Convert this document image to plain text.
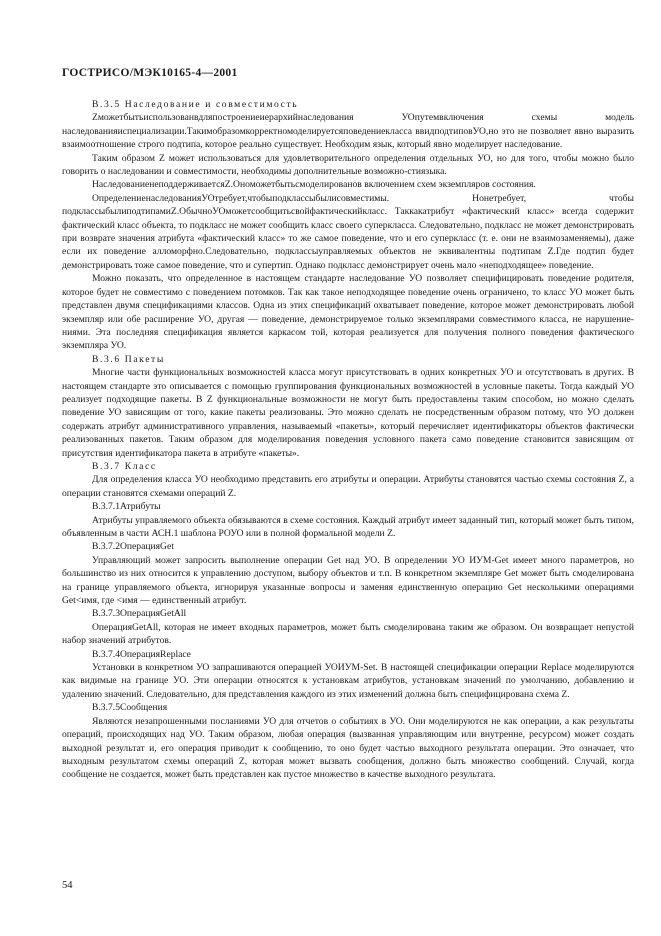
ГОСТРИСО/МЭК10165-4—2001

В.3.5 Наследование и совместимость

Zможетбытьиспользованвдляпостроениеиерархийнаследования УОпутемвключения схемы модель наследованияиспециализации.Такимобразомкорректномоделируетсяповедениекласса ввидподтиповУО,но это не позволяет явно выразить взаимоотношение строго подтипа, которое реально существует. Необходим язык, который явно моделирует наследование.

Таким образом Z может использоваться для удовлетворительного определения отдельных УО, но для того, чтобы можно было говорить о наследовании и совместимости, необходимы дополнительные возможно-стиязыка.

НаследованиенеподдерживаетсяZ.Ономожетбытьсмоделированов включением схем экземпляров состояния.

ОпределениенаследованияУОтребует,чтобыподклассыбылисовместимы. Нонетребует, чтобы подклассыбылиподтипамиZ.ОбычноУОможетсообщитьсвойфактическийкласс. Таккакатрибут «фактический класс» всегда содержит фактический класс объекта, то подкласс не может сообщить класс своего суперкласса. Следовательно, подкласс не может демонстрировать при возврате значения атрибута «фактический класс» то же самое поведение, что и его суперкласс (т. е. они не взаимозаменяемы), даже если их поведение алломорфно.Следовательно, подклассыуправляемых объектов не эквивалентны подтипам Z.Где подтип будет демонстрировать тоже самое поведение, что и супертип. Однако подкласс демонстрирует очень мало «неподходящее» поведение.

Можно показать, что определенное в настоящем стандарте наследование УО позволяет специфицировать поведение родителя, которое будет не совместимо с поведением потомков. Так как такое неподходящее поведение очень ограничено, то класс УО может быть представлен двумя спецификациями классов. Одна из этих спецификаций охватывает поведение, которое может демонстрировать любой экземпляр или обе расширение УО, другая — поведение, демонстрируемое только экземплярами совместимого класса, не нарушение-ниями. Эта последняя спецификация является каркасом той, которая реализуется для получения полного поведения фактического экземпляра УО.

В.3.6 Пакеты

Многие части функциональных возможностей класса могут присутствовать в одних конкретных УО и отсутствовать в других. В настоящем стандарте это описывается с помощью группирования функциональных возможностей в условные пакеты. Тогда каждый УО реализует подходящие пакеты. В Z функциональные возможности не могут быть предоставлены таким способом, но можно сделать поведение УО зависящим от того, какие пакеты реализованы. Это можно сделать не посредственным образом потому, что УО должен содержать атрибут административного управления, называемый «пакеты», который перечисляет идентификаторы объектов фактически реализованных пакетов. Таким образом для моделирования поведения условного пакета само поведение становится зависящим от присутствия идентификатора пакета в атрибуте «пакеты».

В.3.7 Класс

Для определения класса УО необходимо представить его атрибуты и операции. Атрибуты становятся частью схемы состояния Z, а операции становятся схемами операций Z.

В.3.7.1Атрибуты

Атрибуты управляемого объекта обязываются в схеме состояния. Каждый атрибут имеет заданный тип, который может быть типом, объявленным в части АСН.1 шаблона РОУО или в полной формальной модели Z.

В.3.7.2ОперацияGet

Управляющий может запросить выполнение операции Get над УО. В определении УО ИУМ-Get имеет много параметров, но большинство из них относится к управлению доступом, выбору объектов и т.п. В конкретном экземпляре Get может быть смоделирована на границе управляемого объекта, игнорируя указанные вопросы и заменяя единственную операцию Get несколькими операциями Get<имя, где <имя — единственный атрибут.

В.3.7.3ОперацияGetAll

ОперацияGetAll, которая не имеет входных параметров, может быть смоделирована таким же образом. Он возвращает непустой набор значений атрибутов.

В.3.7.4ОперацияReplace

Установки в конкретном УО запрашиваются операцией УОИУМ-Set. В настоящей спецификации операции Replace моделируются как видимые на границе УО. Эти операции относятся к установкам атрибутов, установкам значений по умолчанию, добавлению и удалению значений. Следовательно, для представления каждого из этих изменений должна быть специфицирована схема Z.

В.3.7.5Сообщения

Являются незапрошенными посланиями УО для отчетов о событиях в УО. Они моделируются не как операции, а как результаты операций, происходящих над УО. Таким образом, любая операция (вызванная управляющим или внутренне, ресурсом) может создать выходной результат и, его операция приводит к сообщению, то оно будет частью выходного результата операции. Это означает, что выходным результатом схемы операций Z, которая может вызвать сообщения, должно быть множество сообщений. Случай, когда сообщение не создается, может быть представлен как пустое множество в качестве выходного результата.

54
